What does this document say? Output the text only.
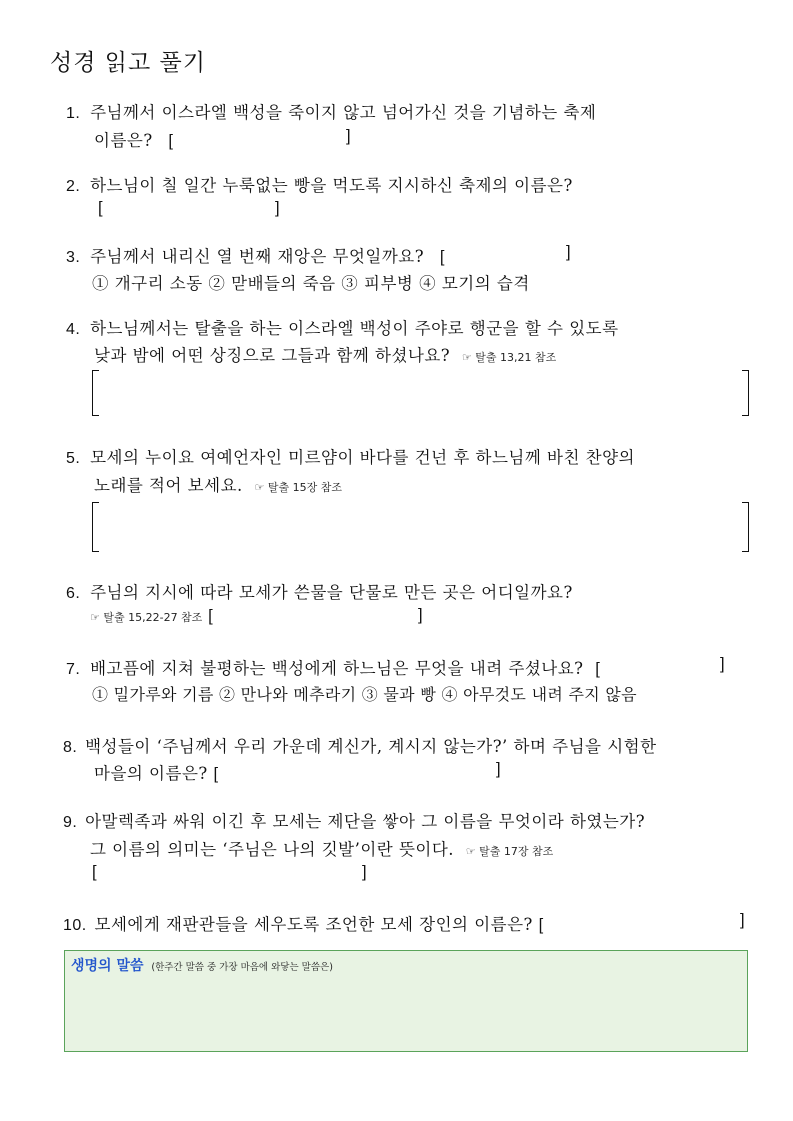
성경 읽고 풀기
1. 주님께서 이스라엘 백성을 죽이지 않고 넘어가신 것을 기념하는 축제
이름은? [	]
2. 하느님이 칠 일간 누룩없는 빵을 먹도록 지시하신 축제의 이름은?
[	]
3. 주님께서 내리신 열 번째 재앙은 무엇일까요? [	]
① 개구리 소동 ② 맏배들의 죽음 ③ 피부병 ④ 모기의 습격
4. 하느님께서는 탈출을 하는 이스라엘 백성이 주야로 행군을 할 수 있도록
낮과 밤에 어떤 상징으로 그들과 함께 하셨나요? ☞ 탈출 13,21 참조
5. 모세의 누이요 여예언자인 미르얌이 바다를 건넌 후 하느님께 바친 찬양의
노래를 적어 보세요. ☞ 탈출 15장 참조
6. 주님의 지시에 따라 모세가 쓴물을 단물로 만든 곳은 어디일까요?
☞ 탈출 15,22-27 참조 [	]
7. 배고픔에 지쳐 불평하는 백성에게 하느님은 무엇을 내려 주셨나요? [	]
① 밀가루와 기름 ② 만나와 메추라기 ③ 물과 빵 ④ 아무것도 내려 주지 않음
8. 백성들이 ‘주님께서 우리 가운데 계신가, 계시지 않는가?’ 하며 주님을 시험한
마을의 이름은? [	]
9. 아말렉족과 싸워 이긴 후 모세는 제단을 쌓아 그 이름을 무엇이라 하였는가?
그 이름의 의미는 ‘주님은 나의 깃발’이란 뜻이다. ☞ 탈출 17장 참조
[	]
10. 모세에게 재판관들을 세우도록 조언한 모세 장인의 이름은? [	]
생명의 말씀 (한주간 말씀 중 가장 마음에 와닿는 말씀은)
